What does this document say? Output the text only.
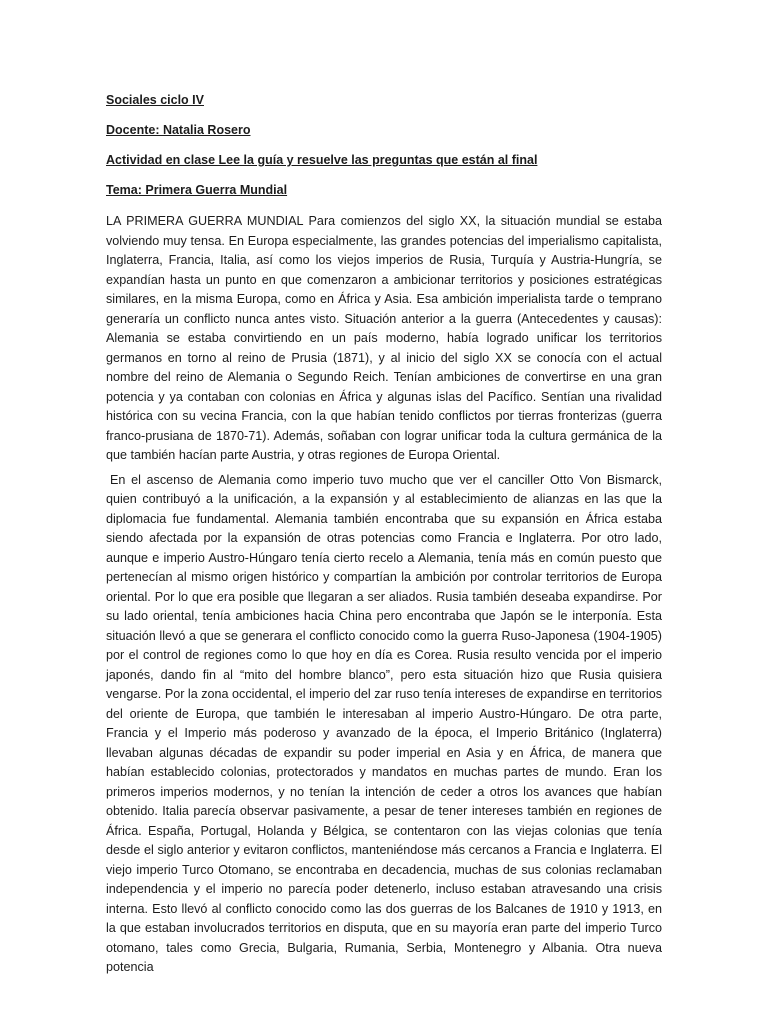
Sociales ciclo IV
Docente: Natalia Rosero
Actividad en clase Lee la guía y resuelve las preguntas que están al final
Tema: Primera Guerra Mundial

LA PRIMERA GUERRA MUNDIAL Para comienzos del siglo XX, la situación mundial se estaba volviendo muy tensa. En Europa especialmente, las grandes potencias del imperialismo capitalista, Inglaterra, Francia, Italia, así como los viejos imperios de Rusia, Turquía y Austria-Hungría, se expandían hasta un punto en que comenzaron a ambicionar territorios y posiciones estratégicas similares, en la misma Europa, como en África y Asia. Esa ambición imperialista tarde o temprano generaría un conflicto nunca antes visto. Situación anterior a la guerra (Antecedentes y causas): Alemania se estaba convirtiendo en un país moderno, había logrado unificar los territorios germanos en torno al reino de Prusia (1871), y al inicio del siglo XX se conocía con el actual nombre del reino de Alemania o Segundo Reich. Tenían ambiciones de convertirse en una gran potencia y ya contaban con colonias en África y algunas islas del Pacífico. Sentían una rivalidad histórica con su vecina Francia, con la que habían tenido conflictos por tierras fronterizas (guerra franco-prusiana de 1870-71). Además, soñaban con lograr unificar toda la cultura germánica de la que también hacían parte Austria, y otras regiones de Europa Oriental.

En el ascenso de Alemania como imperio tuvo mucho que ver el canciller Otto Von Bismarck, quien contribuyó a la unificación, a la expansión y al establecimiento de alianzas en las que la diplomacia fue fundamental. Alemania también encontraba que su expansión en África estaba siendo afectada por la expansión de otras potencias como Francia e Inglaterra. Por otro lado, aunque e imperio Austro-Húngaro tenía cierto recelo a Alemania, tenía más en común puesto que pertenecían al mismo origen histórico y compartían la ambición por controlar territorios de Europa oriental. Por lo que era posible que llegaran a ser aliados. Rusia también deseaba expandirse. Por su lado oriental, tenía ambiciones hacia China pero encontraba que Japón se le interponía. Esta situación llevó a que se generara el conflicto conocido como la guerra Ruso-Japonesa (1904-1905) por el control de regiones como lo que hoy en día es Corea. Rusia resulto vencida por el imperio japonés, dando fin al “mito del hombre blanco”, pero esta situación hizo que Rusia quisiera vengarse. Por la zona occidental, el imperio del zar ruso tenía intereses de expandirse en territorios del oriente de Europa, que también le interesaban al imperio Austro-Húngaro. De otra parte, Francia y el Imperio más poderoso y avanzado de la época, el Imperio Británico (Inglaterra) llevaban algunas décadas de expandir su poder imperial en Asia y en África, de manera que habían establecido colonias, protectorados y mandatos en muchas partes de mundo. Eran los primeros imperios modernos, y no tenían la intención de ceder a otros los avances que habían obtenido. Italia parecía observar pasivamente, a pesar de tener intereses también en regiones de África. España, Portugal, Holanda y Bélgica, se contentaron con las viejas colonias que tenía desde el siglo anterior y evitaron conflictos, manteniéndose más cercanos a Francia e Inglaterra. El viejo imperio Turco Otomano, se encontraba en decadencia, muchas de sus colonias reclamaban independencia y el imperio no parecía poder detenerlo, incluso estaban atravesando una crisis interna. Esto llevó al conflicto conocido como las dos guerras de los Balcanes de 1910 y 1913, en la que estaban involucrados territorios en disputa, que en su mayoría eran parte del imperio Turco otomano, tales como Grecia, Bulgaria, Rumania, Serbia, Montenegro y Albania. Otra nueva potencia
